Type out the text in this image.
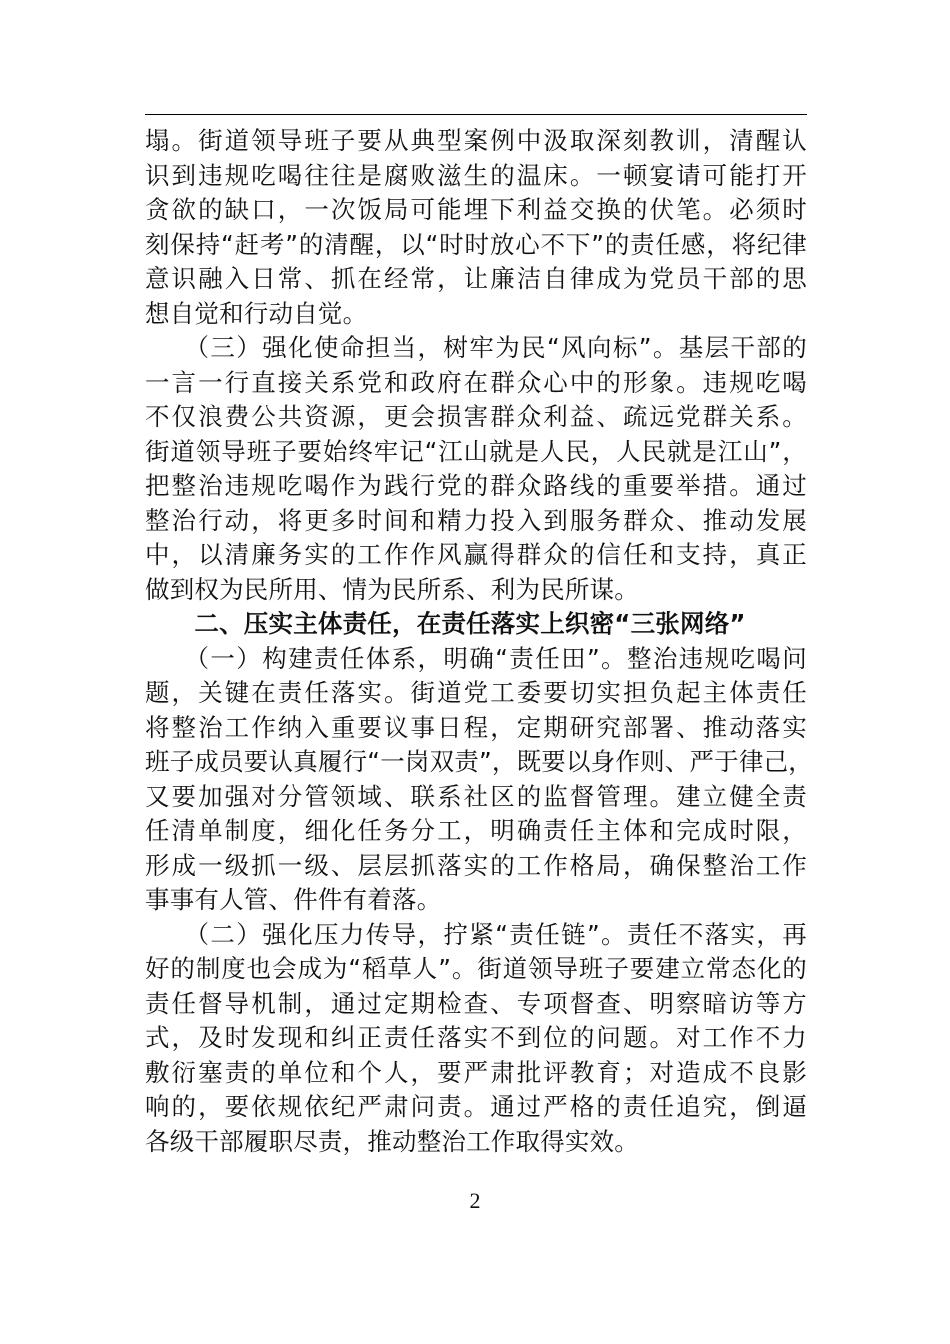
塌。街道领导班子要从典型案例中汲取深刻教训，清醒认
识到违规吃喝往往是腐败滋生的温床。一顿宴请可能打开
贪欲的缺口，一次饭局可能埋下利益交换的伏笔。必须时
刻保持“赶考”的清醒，以“时时放心不下”的责任感，将纪律
意识融入日常、抓在经常，让廉洁自律成为党员干部的思
想自觉和行动自觉。
　　（三）强化使命担当，树牢为民“风向标”。基层干部的
一言一行直接关系党和政府在群众心中的形象。违规吃喝
不仅浪费公共资源，更会损害群众利益、疏远党群关系。
街道领导班子要始终牢记“江山就是人民，人民就是江山”，
把整治违规吃喝作为践行党的群众路线的重要举措。通过
整治行动，将更多时间和精力投入到服务群众、推动发展
中，以清廉务实的工作作风赢得群众的信任和支持，真正
做到权为民所用、情为民所系、利为民所谋。
　　二、压实主体责任，在责任落实上织密“三张网络”
　　（一）构建责任体系，明确“责任田”。整治违规吃喝问
题，关键在责任落实。街道党工委要切实担负起主体责任
将整治工作纳入重要议事日程，定期研究部署、推动落实
班子成员要认真履行“一岗双责”，既要以身作则、严于律己，
又要加强对分管领域、联系社区的监督管理。建立健全责
任清单制度，细化任务分工，明确责任主体和完成时限，
形成一级抓一级、层层抓落实的工作格局，确保整治工作
事事有人管、件件有着落。
　　（二）强化压力传导，拧紧“责任链”。责任不落实，再
好的制度也会成为“稻草人”。街道领导班子要建立常态化的
责任督导机制，通过定期检查、专项督查、明察暗访等方
式，及时发现和纠正责任落实不到位的问题。对工作不力
敷衍塞责的单位和个人，要严肃批评教育；对造成不良影
响的，要依规依纪严肃问责。通过严格的责任追究，倒逼
各级干部履职尽责，推动整治工作取得实效。
2
